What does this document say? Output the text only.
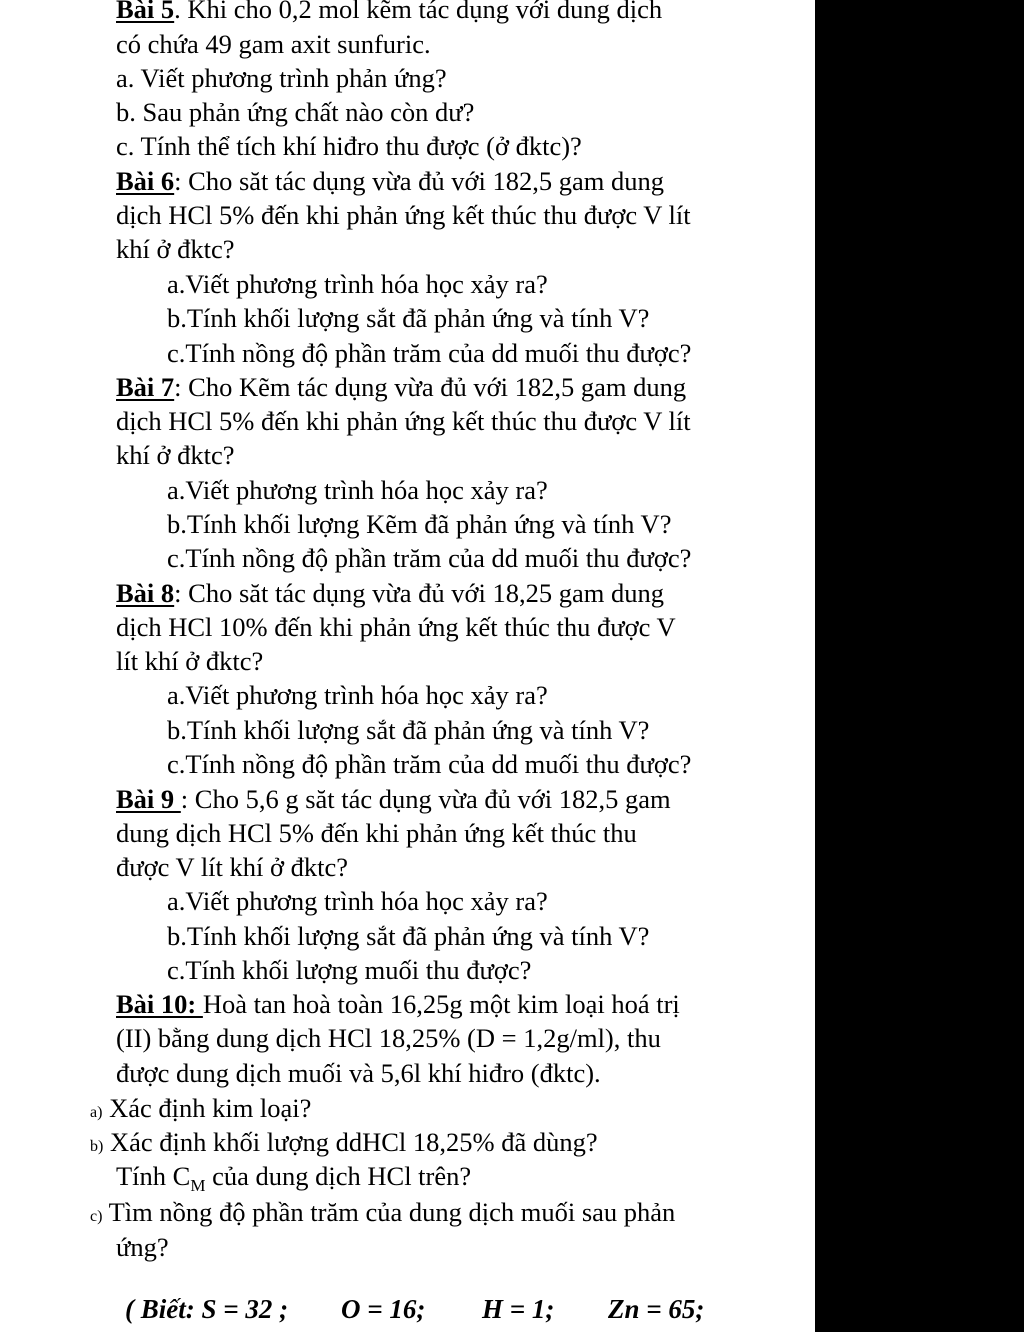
Bài 5. Khi cho 0,2 mol kẽm tác dụng với dung dịch
có chứa 49 gam axit sunfuric.
a. Viết phương trình phản ứng?
b. Sau phản ứng chất nào còn dư?
c. Tính thể tích khí hiđro thu được (ở đktc)?
Bài 6: Cho săt tác dụng vừa đủ với 182,5 gam dung
dịch HCl 5% đến khi phản ứng kết thúc thu được V lít
khí ở đktc?
a.Viết phương trình hóa học xảy ra?
b.Tính khối lượng sắt đã phản ứng và tính V?
c.Tính nồng độ phần trăm của dd muối thu được?
Bài 7: Cho Kẽm tác dụng vừa đủ với 182,5 gam dung
dịch HCl 5% đến khi phản ứng kết thúc thu được V lít
khí ở đktc?
a.Viết phương trình hóa học xảy ra?
b.Tính khối lượng Kẽm đã phản ứng và tính V?
c.Tính nồng độ phần trăm của dd muối thu được?
Bài 8: Cho săt tác dụng vừa đủ với 18,25 gam dung
dịch HCl 10% đến khi phản ứng kết thúc thu được V
lít khí ở đktc?
a.Viết phương trình hóa học xảy ra?
b.Tính khối lượng sắt đã phản ứng và tính V?
c.Tính nồng độ phần trăm của dd muối thu được?
Bài 9 : Cho 5,6 g săt tác dụng vừa đủ với 182,5 gam
dung dịch HCl 5% đến khi phản ứng kết thúc thu
được V lít khí ở đktc?
a.Viết phương trình hóa học xảy ra?
b.Tính khối lượng sắt đã phản ứng và tính V?
c.Tính khối lượng muối thu được?
Bài 10: Hoà tan hoà toàn 16,25g một kim loại hoá trị
(II) bằng dung dịch HCl 18,25% (D = 1,2g/ml), thu
được dung dịch muối và 5,6l khí hiđro (đktc).
a) Xác định kim loại?
b) Xác định khối lượng ddHCl 18,25% đã dùng?
Tính $C_M$ của dung dịch HCl trên?
c) Tìm nồng độ phần trăm của dung dịch muối sau phản
ứng?
( Biết: S = 32 ; O = 16; H = 1; Zn = 65;
